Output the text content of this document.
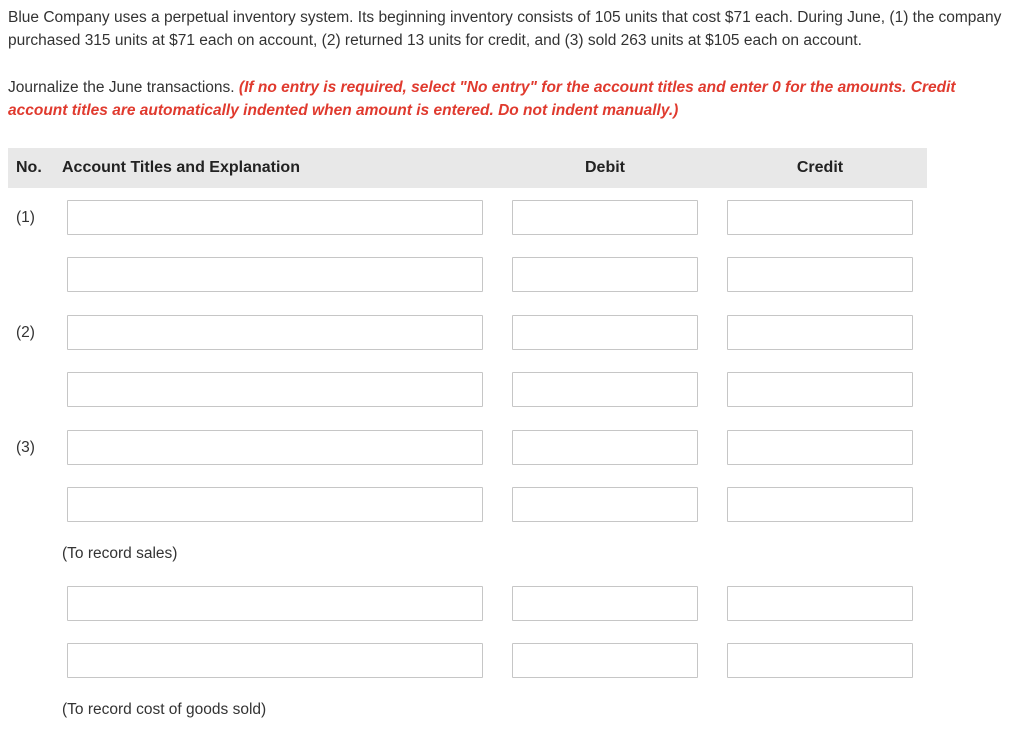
Blue Company uses a perpetual inventory system. Its beginning inventory consists of 105 units that cost $71 each. During June, (1) the company purchased 315 units at $71 each on account, (2) returned 13 units for credit, and (3) sold 263 units at $105 each on account.
Journalize the June transactions. (If no entry is required, select "No entry" for the account titles and enter 0 for the amounts. Credit account titles are automatically indented when amount is entered. Do not indent manually.)
No. Account Titles and Explanation	Debit	Credit
(1)
(2)
(3)
(To record sales)
(To record cost of goods sold)
